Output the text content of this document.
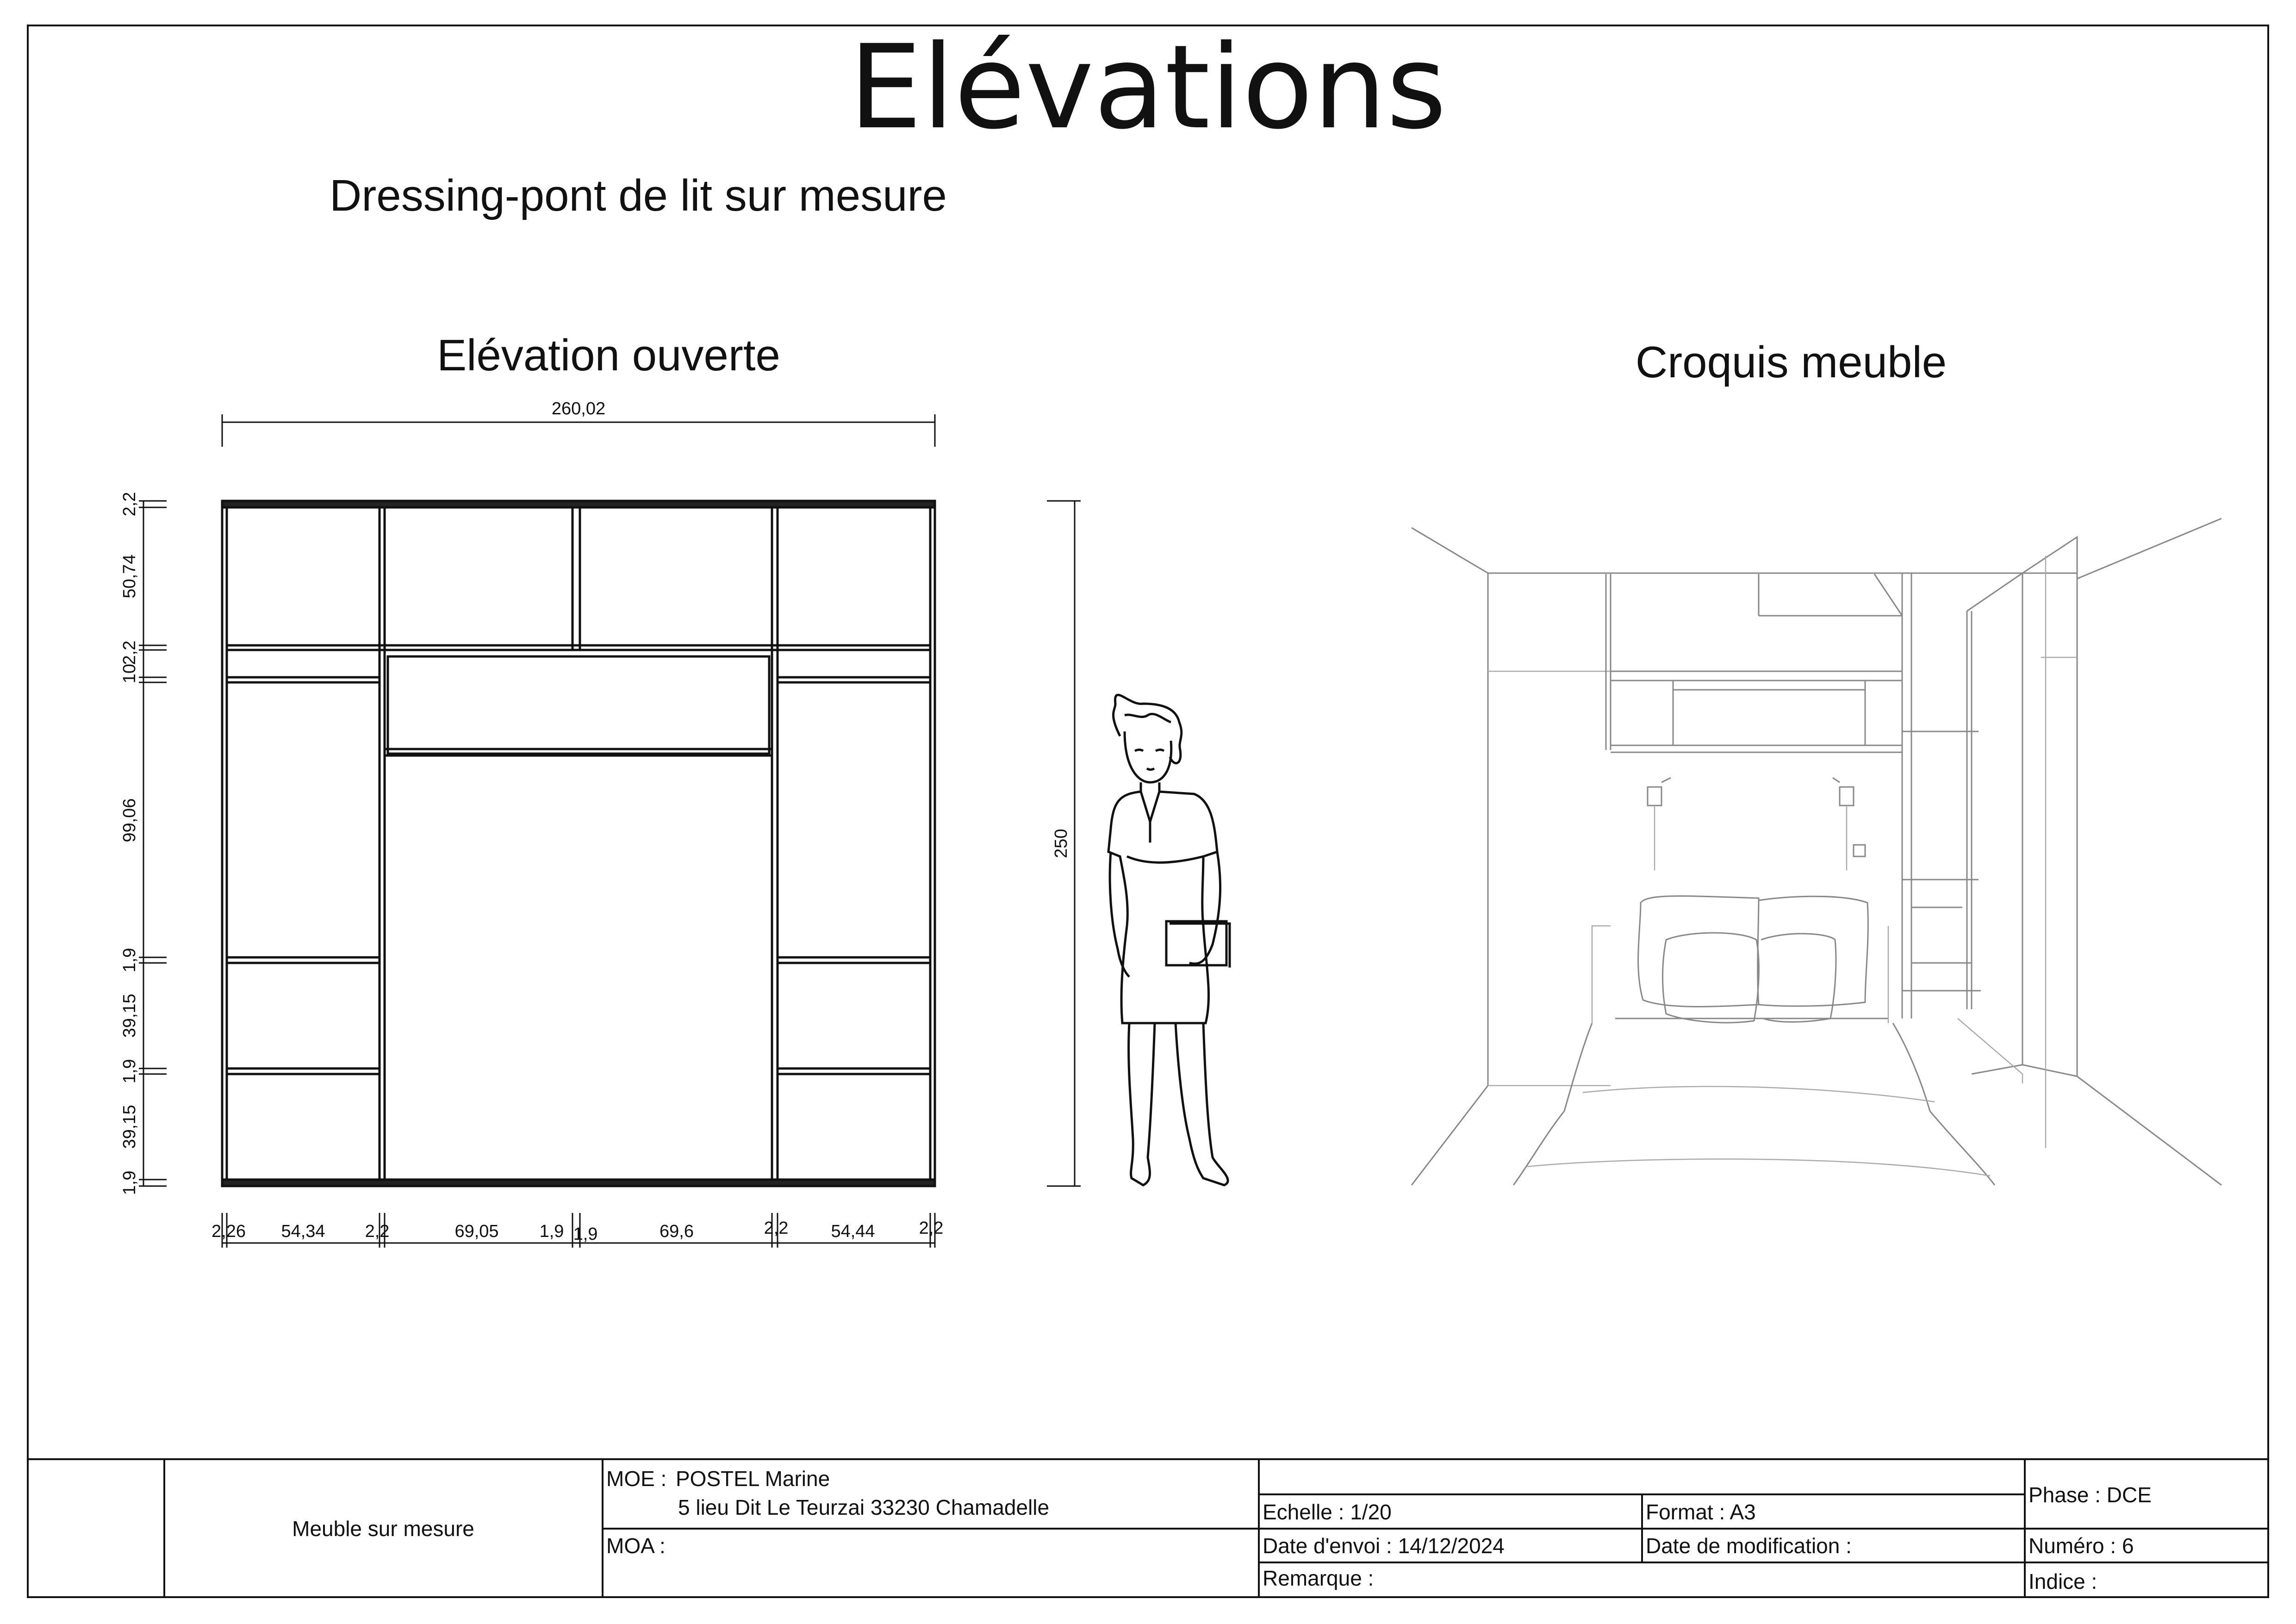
Elévations
Dressing-pont de lit sur mesure
Elévation ouverte	Croquis meuble
260,02
2,2
50,74
2,2
10
99,06
1,9
39,15
1,9
39,15
1,9
2,26 54,34 2,2	69,05 1,9 1,9	69,6	2,2 54,44	2,2
250
Meuble sur mesure
MOE : POSTEL Marine
5 lieu Dit Le Teurzai 33230 Chamadelle
MOA :
Echelle : 1/20	Format : A3
Date d'envoi : 14/12/2024	Date de modification :
Remarque :
Phase : DCE
Numéro : 6
Indice :
